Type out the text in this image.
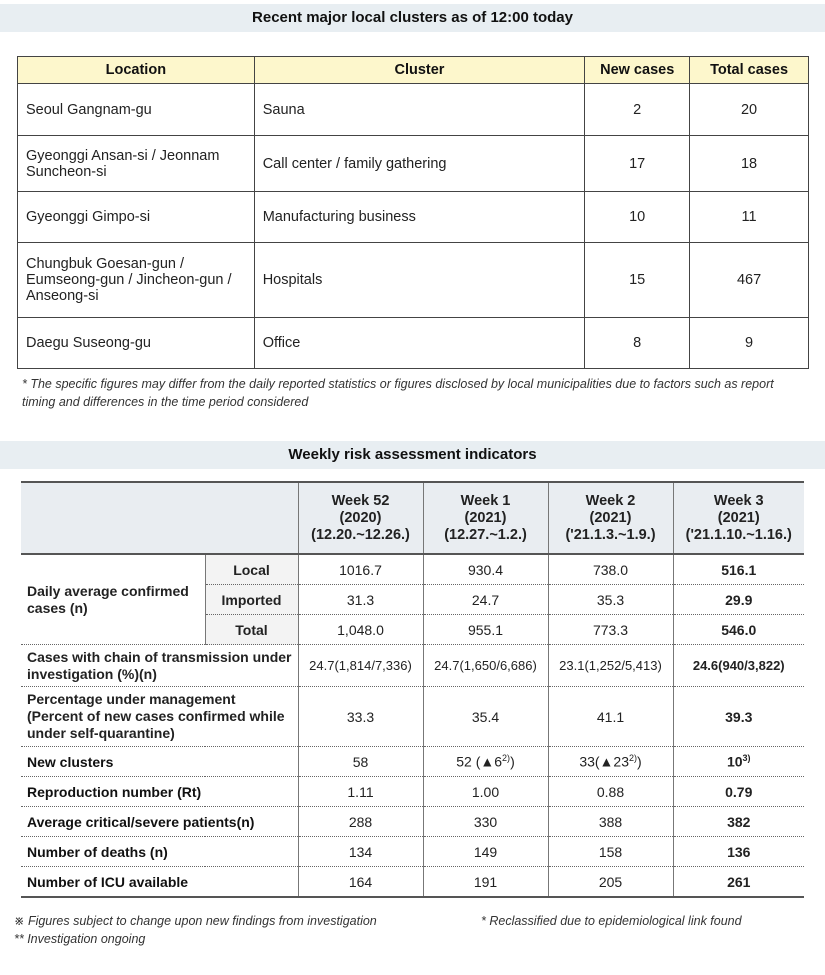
Recent major local clusters as of 12:00 today
Location	Cluster	New cases	Total cases
Seoul Gangnam-gu	Sauna	2	20
Gyeonggi Ansan-si / Jeonnam Suncheon-si	Call center / family gathering	17	18
Gyeonggi Gimpo-si	Manufacturing business	10	11
Chungbuk Goesan-gun / Eumseong-gun / Jincheon-gun / Anseong-si	Hospitals	15	467
Daegu Suseong-gu	Office	8	9
* The specific figures may differ from the daily reported statistics or figures disclosed by local municipalities due to factors such as report timing and differences in the time period considered
Weekly risk assessment indicators
		Week 52
(2020)
(12.20.~12.26.)	Week 1
(2021)
(12.27.~1.2.)	Week 2
(2021)
('21.1.3.~1.9.)	Week 3
(2021)
('21.1.10.~1.16.)
Daily average confirmed cases (n)	Local	1016.7	930.4	738.0	516.1
	Imported	31.3	24.7	35.3	29.9
	Total	1,048.0	955.1	773.3	546.0
Cases with chain of transmission under investigation (%)(n)		24.7(1,814/7,336)	24.7(1,650/6,686)	23.1(1,252/5,413)	24.6(940/3,822)
Percentage under management (Percent of new cases confirmed while under self-quarantine)		33.3	35.4	41.1	39.3
New clusters		58	52 (▲6$^{2)}$)	33(▲23$^{2)}$)	10$^{3)}$
Reproduction number (Rt)		1.11	1.00	0.88	0.79
Average critical/severe patients(n)		288	330	388	382
Number of deaths (n)		134	149	158	136
Number of ICU available		164	191	205	261
※ Figures subject to change upon new findings from investigation	* Reclassified due to epidemiological link found
** Investigation ongoing
